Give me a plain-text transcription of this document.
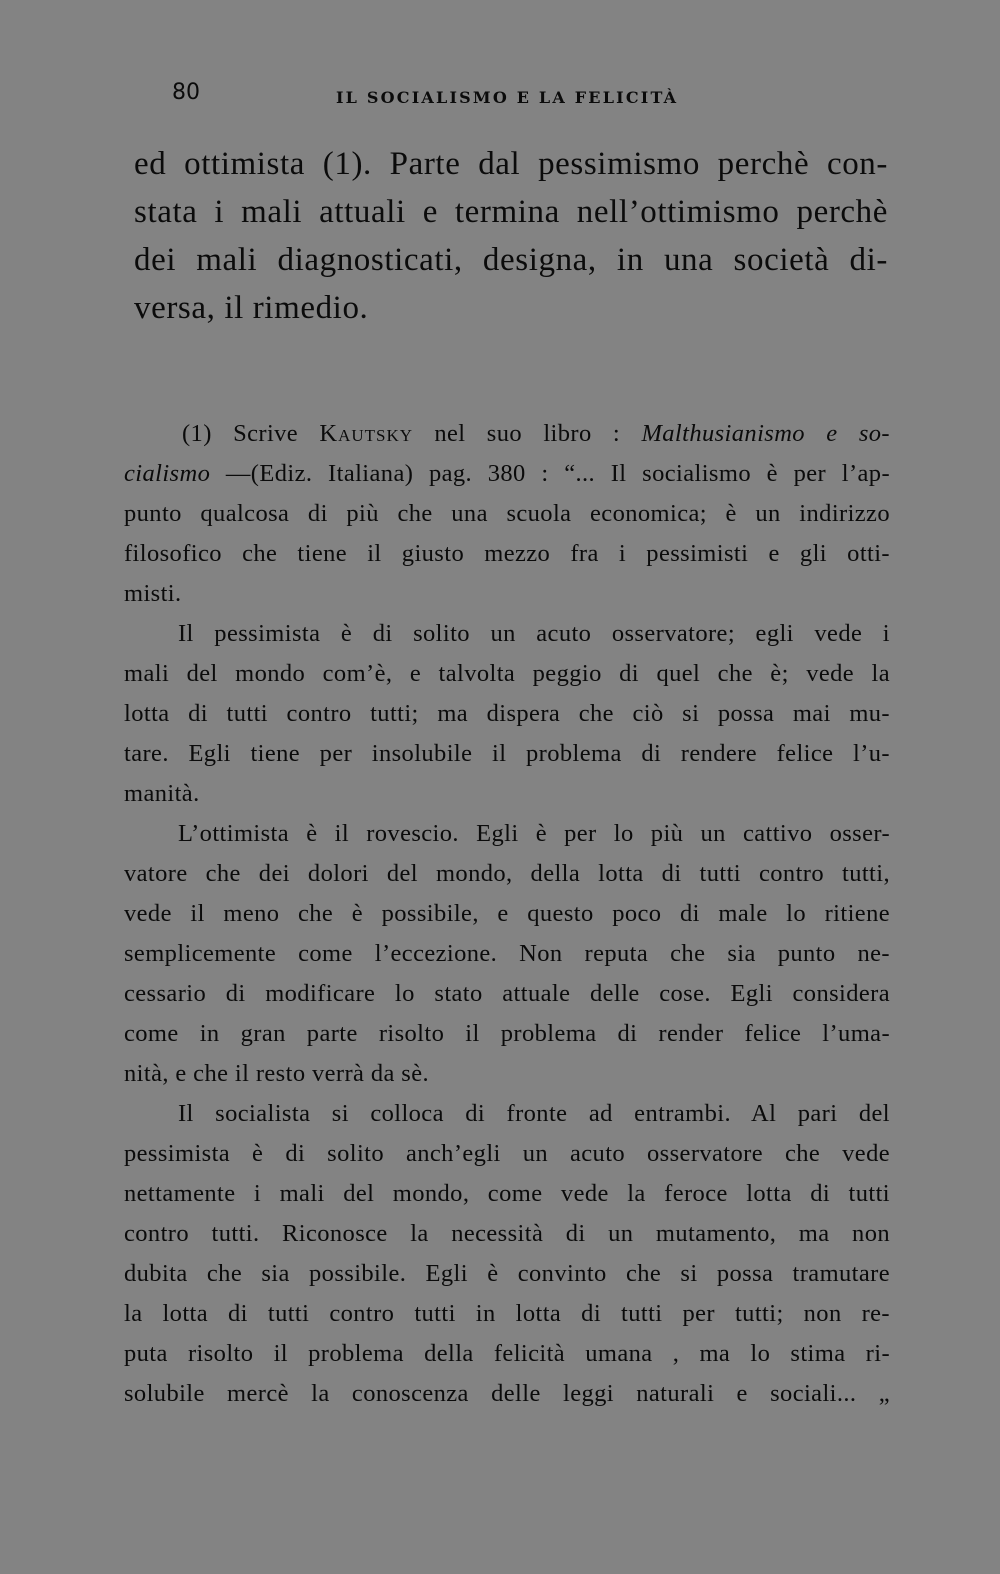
80	IL SOCIALISMO E LA FELICITÀ
ed ottimista (1). Parte dal pessimismo perchè con-
stata i mali attuali e termina nell’ottimismo perchè
dei mali diagnosticati, designa, in una società di-
versa, il rimedio.
(1) Scrive Kautsky nel suo libro : Malthusianismo e so-
cialismo —(Ediz. Italiana) pag. 380 : “... Il socialismo è per l’ap-
punto qualcosa di più che una scuola economica; è un indirizzo
filosofico che tiene il giusto mezzo fra i pessimisti e gli otti-
misti.
Il pessimista è di solito un acuto osservatore; egli vede i
mali del mondo com’è, e talvolta peggio di quel che è; vede la
lotta di tutti contro tutti; ma dispera che ciò si possa mai mu-
tare. Egli tiene per insolubile il problema di rendere felice l’u-
manità.
L’ottimista è il rovescio. Egli è per lo più un cattivo osser-
vatore che dei dolori del mondo, della lotta di tutti contro tutti,
vede il meno che è possibile, e questo poco di male lo ritiene
semplicemente come l’eccezione. Non reputa che sia punto ne-
cessario di modificare lo stato attuale delle cose. Egli considera
come in gran parte risolto il problema di render felice l’uma-
nità, e che il resto verrà da sè.
Il socialista si colloca di fronte ad entrambi. Al pari del
pessimista è di solito anch’egli un acuto osservatore che vede
nettamente i mali del mondo, come vede la feroce lotta di tutti
contro tutti. Riconosce la necessità di un mutamento, ma non
dubita che sia possibile. Egli è convinto che si possa tramutare
la lotta di tutti contro tutti in lotta di tutti per tutti; non re-
puta risolto il problema della felicità umana , ma lo stima ri-
solubile mercè la conoscenza delle leggi naturali e sociali... „
